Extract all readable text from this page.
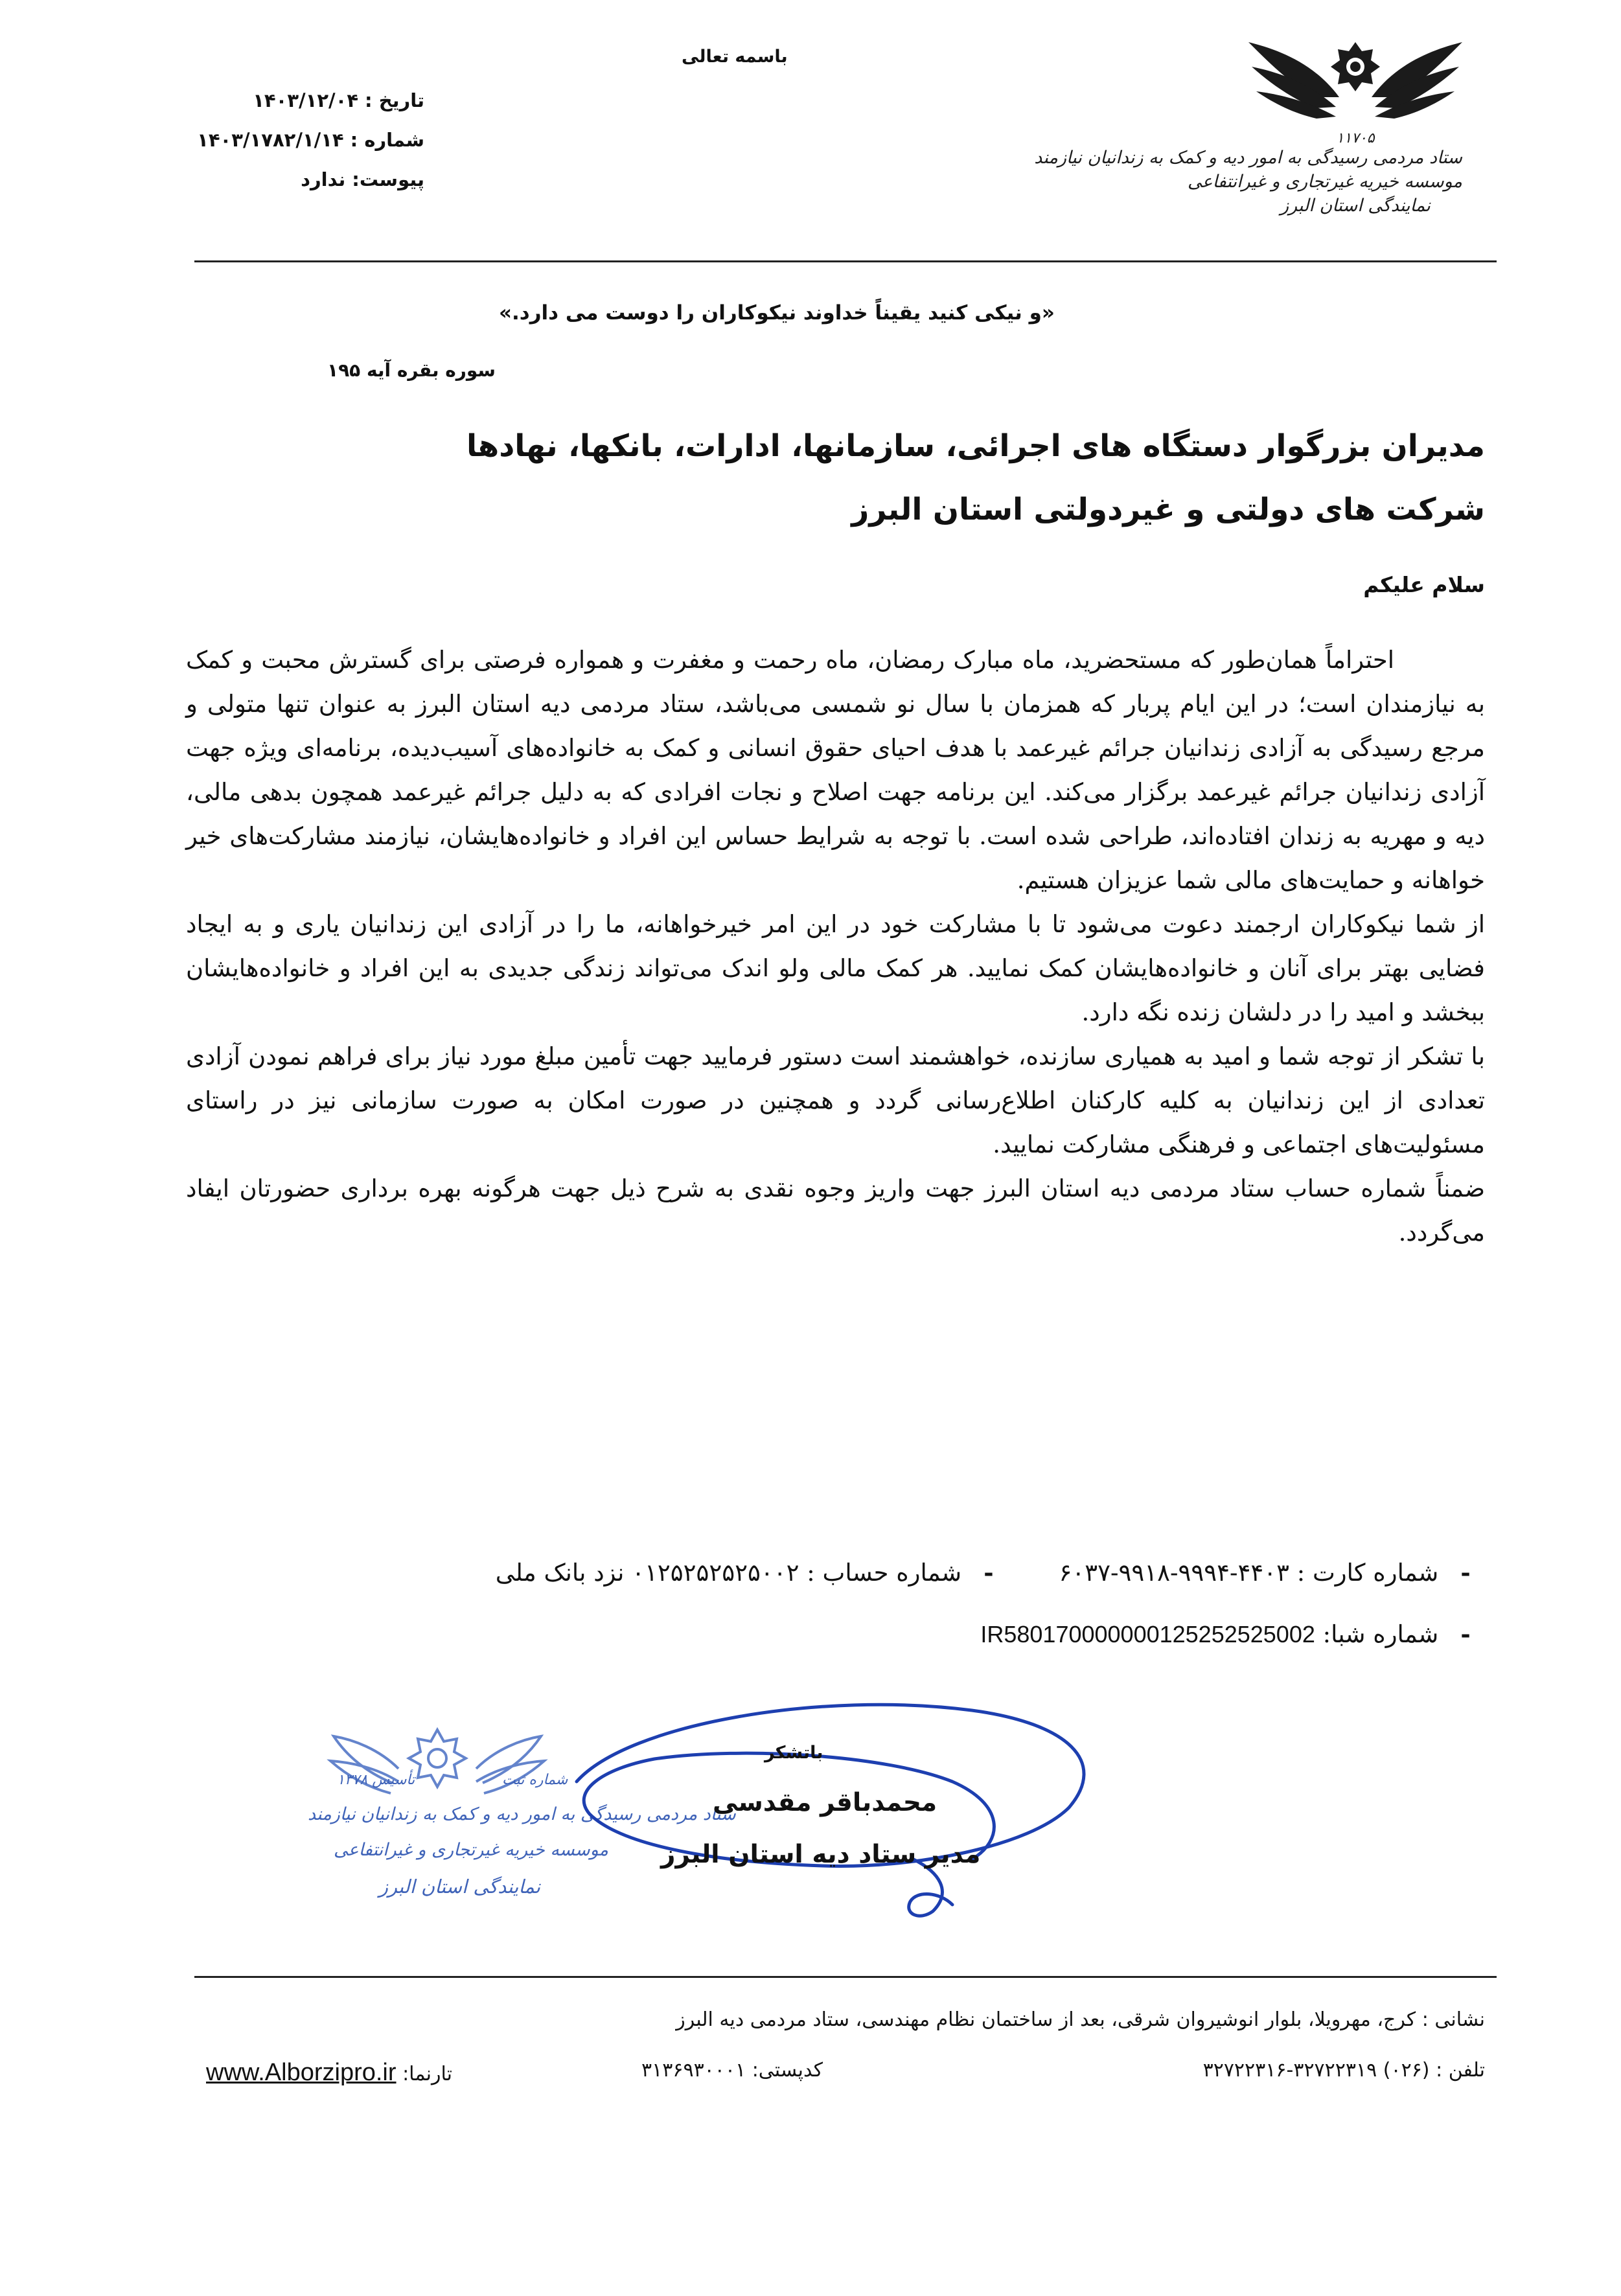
۱۱۷۰۵
ستاد مردمی رسیدگی به امور دیه و کمک به زندانیان نیازمند
موسسه خیریه غیرتجاری و غیرانتفاعی
نمایندگی استان البرز
باسمه تعالی
تاریخ :
۱۴۰۳/۱۲/۰۴
شماره :
۱۴۰۳/۱۷۸۲/۱/۱۴
پیوست:
ندارد
«و نیکی کنید یقیناً خداوند نیکوکاران را دوست می دارد.»
سوره بقره آیه ۱۹۵
مدیران بزرگوار دستگاه های اجرائی، سازمانها، ادارات، بانکها، نهادها
شرکت های دولتی و غیردولتی استان البرز
سلام علیکم

احتراماً همان‌طور که مستحضرید، ماه مبارک رمضان، ماه رحمت و مغفرت و همواره فرصتی برای گسترش محبت و کمک به نیازمندان است؛ در این ایام پربار که همزمان با سال نو شمسی می‌باشد، ستاد مردمی دیه استان البرز به عنوان تنها متولی و مرجع رسیدگی به آزادی زندانیان جرائم غیرعمد با هدف احیای حقوق انسانی و کمک به خانواده‌های آسیب‌دیده، برنامه‌ای ویژه جهت آزادی زندانیان جرائم غیرعمد برگزار می‌کند. این برنامه جهت اصلاح و نجات افرادی که به دلیل جرائم غیرعمد همچون بدهی مالی، دیه و مهریه به زندان افتاده‌اند، طراحی شده است. با توجه به شرایط حساس این افراد و خانواده‌هایشان، نیازمند مشارکت‌های خیر خواهانه و حمایت‌های مالی شما عزیزان هستیم.

از شما نیکوکاران ارجمند دعوت می‌شود تا با مشارکت خود در این امر خیرخواهانه، ما را در آزادی این زندانیان یاری و به ایجاد فضایی بهتر برای آنان و خانواده‌هایشان کمک نمایید. هر کمک مالی ولو اندک می‌تواند زندگی جدیدی به این افراد و خانواده‌هایشان ببخشد و امید را در دلشان زنده نگه دارد.

با تشکر از توجه شما و امید به همیاری سازنده، خواهشمند است دستور فرمایید جهت تأمین مبلغ مورد نیاز برای فراهم نمودن آزادی تعدادی از این زندانیان به کلیه کارکنان اطلاع‌رسانی گردد و همچنین در صورت امکان به صورت سازمانی نیز در راستای مسئولیت‌های اجتماعی و فرهنگی مشارکت نمایید.

ضمناً شماره حساب ستاد مردمی دیه استان البرز جهت واریز وجوه نقدی به شرح ذیل جهت هرگونه بهره برداری حضورتان ایفاد می‌گردد.

- شماره کارت : ۶۰۳۷-۹۹۱۸-۹۹۹۴-۴۴۰۳  - شماره حساب : ۰۱۲۵۲۵۲۵۲۵۰۰۲ نزد بانک ملی
- شماره شبا: IR580170000000125252525002
شماره ثبت
تأسیس ۱۳۷۸
ستاد مردمی رسیدگی به امور دیه و کمک به زندانیان نیازمند
موسسه خیریه غیرتجاری و غیرانتفاعی
نمایندگی استان البرز
باتشکر
محمدباقر مقدسی
مدیر ستاد دیه استان البرز
نشانی : کرج، مهرویلا، بلوار انوشیروان شرقی، بعد از ساختمان نظام مهندسی، ستاد مردمی دیه البرز
تلفن : ۳۲۷۲۲۳۱۶-۳۲۷۲۲۳۱۹ (۰۲۶)
کدپستی: ۳۱۳۶۹۳۰۰۰۱
تارنما: www.Alborzipro.ir
